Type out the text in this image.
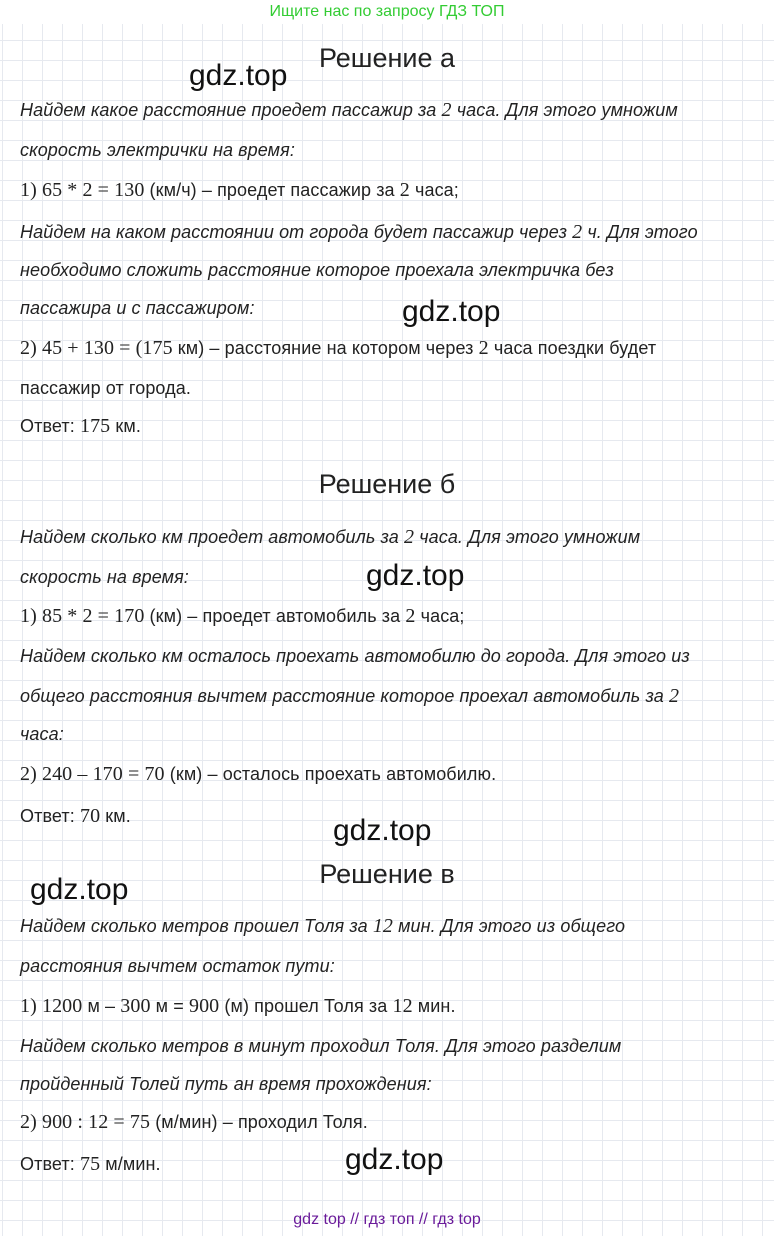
Ищите нас по запросу ГДЗ ТОП
Решение а
gdz.top
Найдем какое расстояние проедет пассажир за 2 часа. Для этого умножим
скорость электрички на время:
1) 65 * 2 = 130 (км/ч) – проедет пассажир за 2 часа;
Найдем на каком расстоянии от города будет пассажир через 2 ч. Для этого
необходимо сложить расстояние которое проехала электричка без
пассажира и с пассажиром:	gdz.top
2) 45 + 130 = (175 км) – расстояние на котором через 2 часа поездки будет
пассажир от города.
Ответ: 175 км.
Решение б
Найдем сколько км проедет автомобиль за 2 часа. Для этого умножим
скорость на время:	gdz.top
1) 85 * 2 = 170 (км) – проедет автомобиль за 2 часа;
Найдем сколько км осталось проехать автомобилю до города. Для этого из
общего расстояния вычтем расстояние которое проехал автомобиль за 2
часа:
2) 240 – 170 = 70 (км) – осталось проехать автомобилю.
Ответ: 70 км.	gdz.top
Решение в
gdz.top
Найдем сколько метров прошел Толя за 12 мин. Для этого из общего
расстояния вычтем остаток пути:
1) 1200 м – 300 м = 900 (м) прошел Толя за 12 мин.
Найдем сколько метров в минут проходил Толя. Для этого разделим
пройденный Толей путь ан время прохождения:
2) 900 : 12 = 75 (м/мин) – проходил Толя.
Ответ: 75 м/мин.	gdz.top
gdz top // гдз топ // гдз top
